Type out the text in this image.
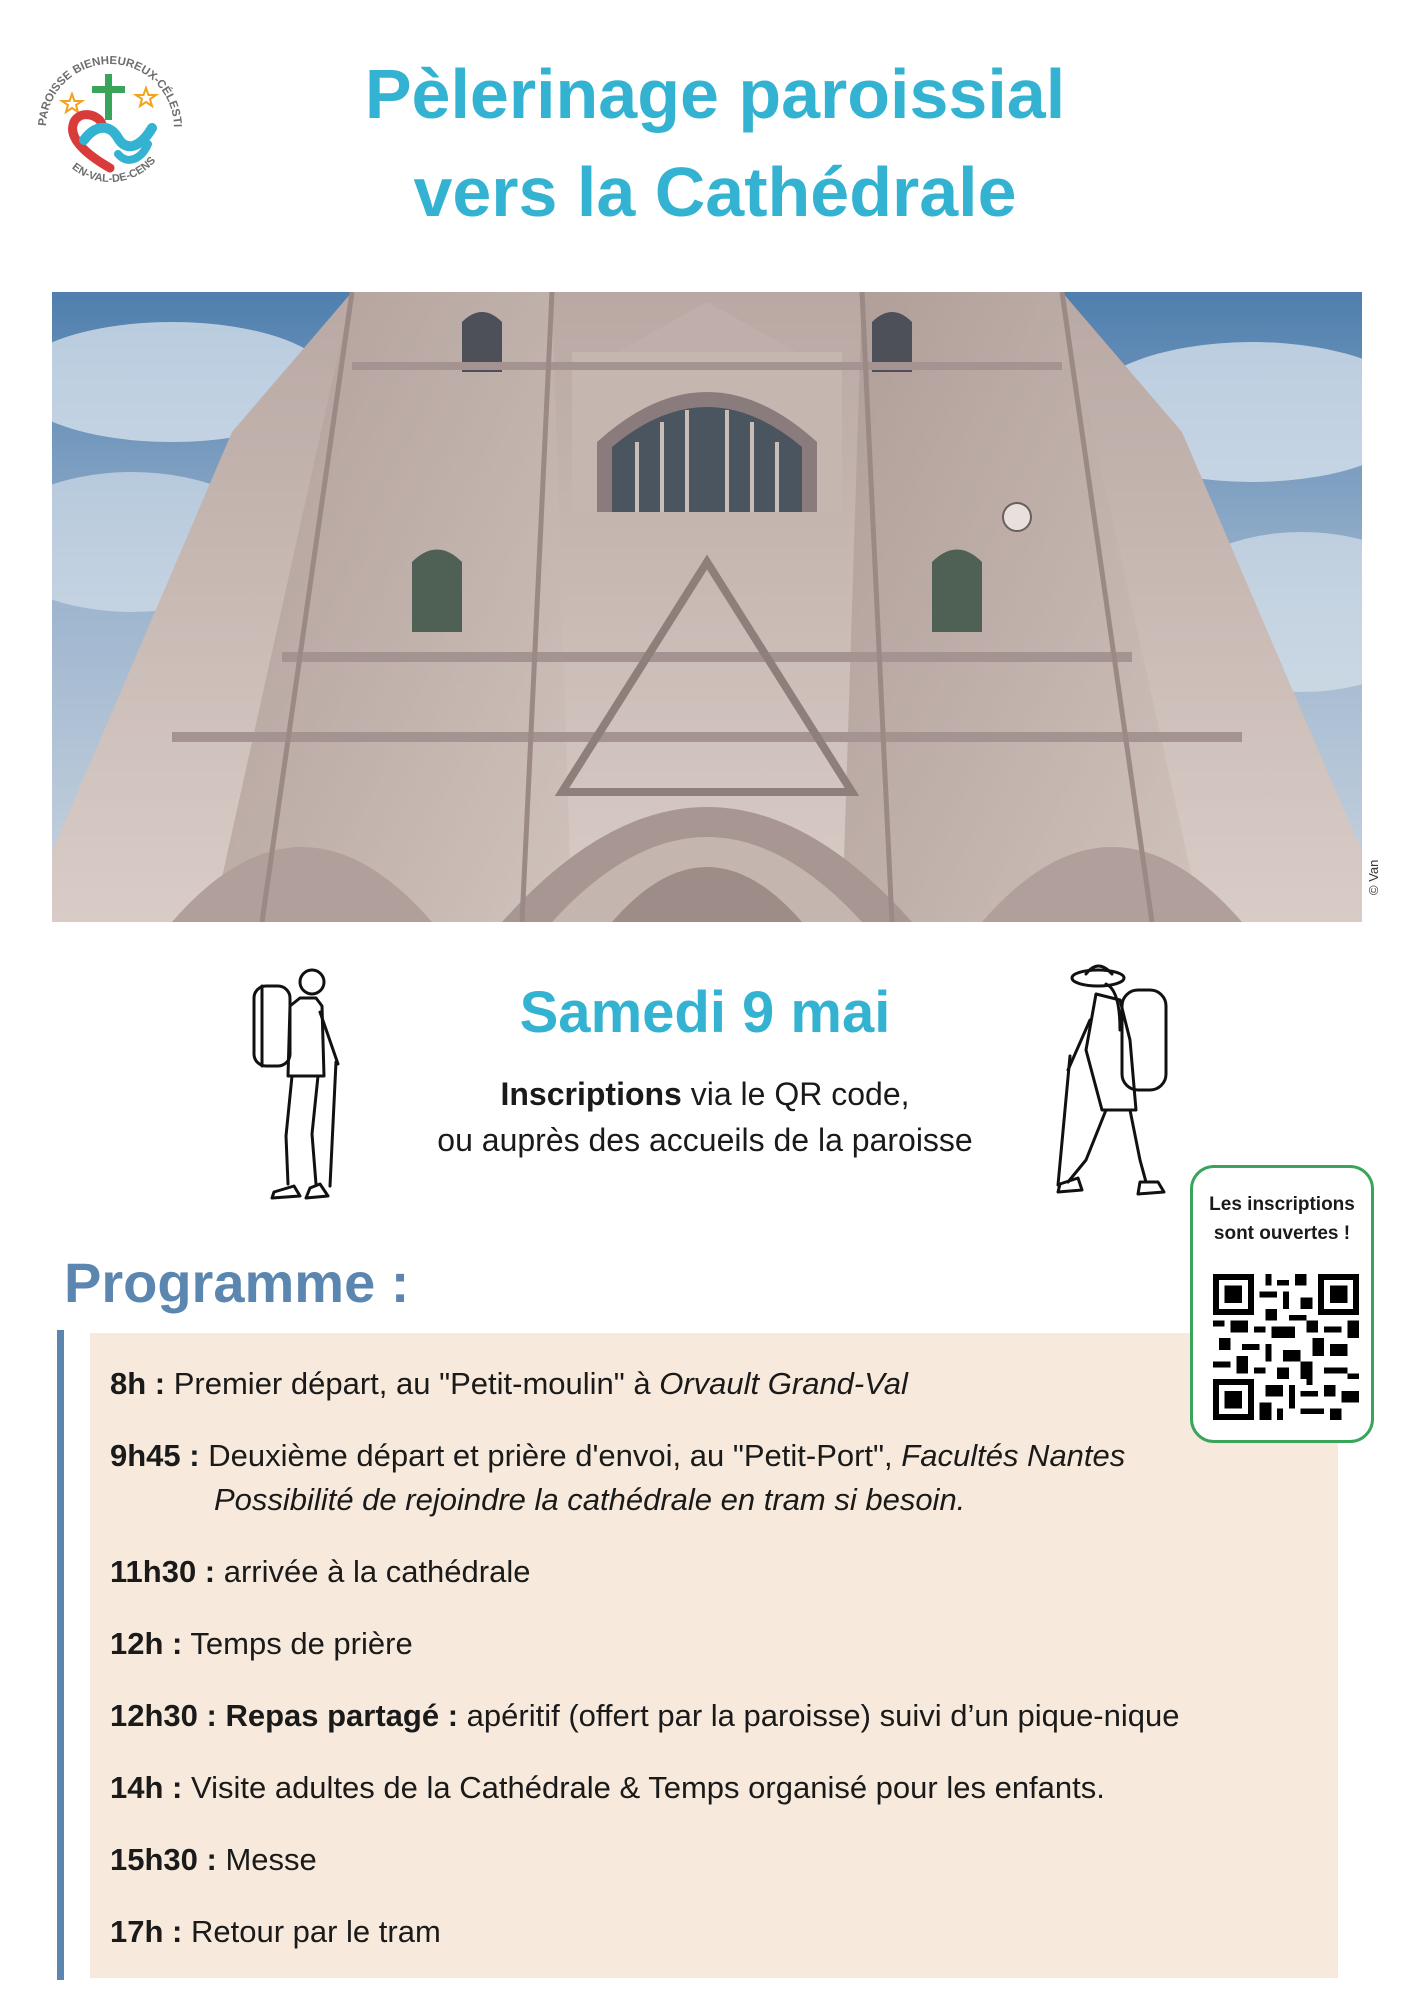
PAROISSE BIENHEUREUX-CÉLESTI
EN-VAL-DE-CENS
Pèlerinage paroissial
vers la Cathédrale
© Van
Samedi 9 mai
Inscriptions via le QR code,
ou auprès des accueils de la paroisse
Les inscriptions
sont ouvertes !
Programme :
8h : Premier départ, au "Petit-moulin" à Orvault Grand-Val
9h45 : Deuxième départ et prière d'envoi, au "Petit-Port", Facultés Nantes
Possibilité de rejoindre la cathédrale en tram si besoin.
11h30 : arrivée à la cathédrale
12h : Temps de prière
12h30 : Repas partagé : apéritif (offert par la paroisse) suivi d’un pique-nique
14h : Visite adultes de la Cathédrale & Temps organisé pour les enfants.
15h30 : Messe
17h : Retour par le tram
